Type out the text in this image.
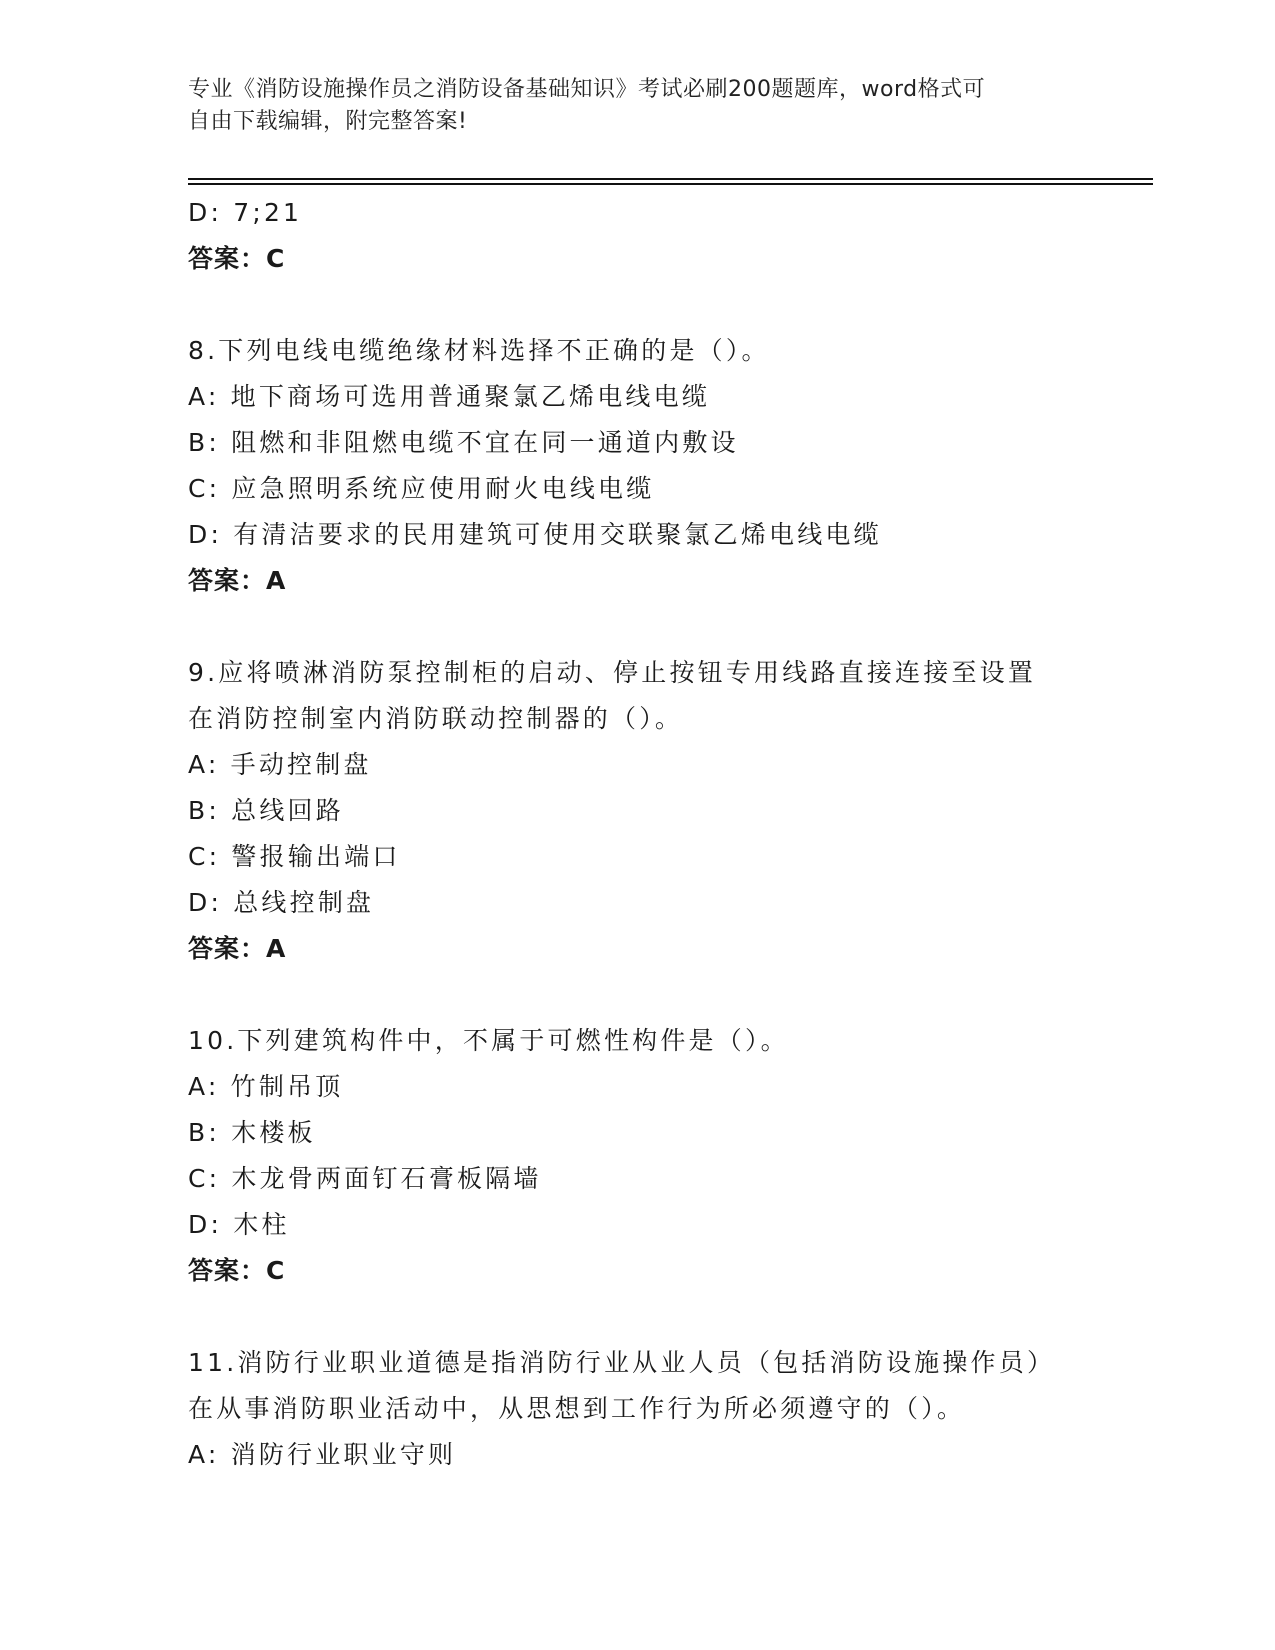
专业《消防设施操作员之消防设备基础知识》考试必刷200题题库，word格式可
自由下载编辑，附完整答案!
D: 7;21
答案：C
8.下列电线电缆绝缘材料选择不正确的是（）。
A: 地下商场可选用普通聚氯乙烯电线电缆
B: 阻燃和非阻燃电缆不宜在同一通道内敷设
C: 应急照明系统应使用耐火电线电缆
D: 有清洁要求的民用建筑可使用交联聚氯乙烯电线电缆
答案：A
9.应将喷淋消防泵控制柜的启动、停止按钮专用线路直接连接至设置
在消防控制室内消防联动控制器的（）。
A: 手动控制盘
B: 总线回路
C: 警报输出端口
D: 总线控制盘
答案：A
10.下列建筑构件中，不属于可燃性构件是（）。
A: 竹制吊顶
B: 木楼板
C: 木龙骨两面钉石膏板隔墙
D: 木柱
答案：C
11.消防行业职业道德是指消防行业从业人员（包括消防设施操作员）
在从事消防职业活动中，从思想到工作行为所必须遵守的（）。
A: 消防行业职业守则
